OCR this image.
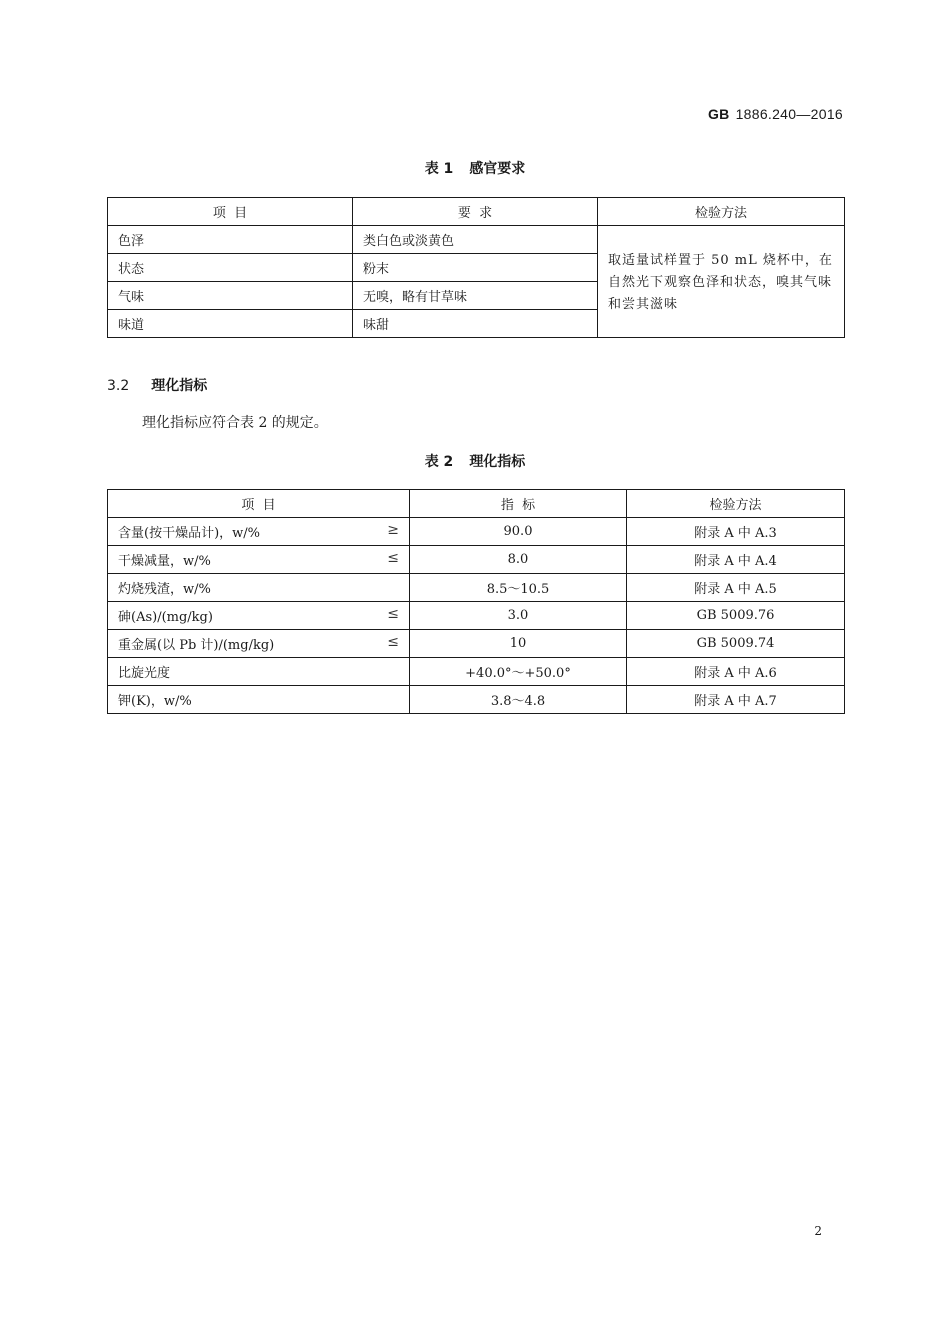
GB 1886.240—2016
表 1 感官要求
项  目	要  求	检验方法
色泽	类白色或淡黄色	取适量试样置于 50 mL 烧杯中，在自然光下观察色泽和状态，嗅其气味和尝其滋味
状态	粉末	
气味	无嗅，略有甘草味	
味道	味甜	
3.2 理化指标
理化指标应符合表 2 的规定。
表 2 理化指标
项  目	指  标	检验方法
含量(按干燥品计)，w/% ≥	90.0	附录 A 中 A.3
干燥减量，w/% ≤	8.0	附录 A 中 A.4
灼烧残渣，w/%	8.5～10.5	附录 A 中 A.5
砷(As)/(mg/kg) ≤	3.0	GB 5009.76
重金属(以 Pb 计)/(mg/kg) ≤	10	GB 5009.74
比旋光度	+40.0°～+50.0°	附录 A 中 A.6
钾(K)，w/%	3.8～4.8	附录 A 中 A.7
2
